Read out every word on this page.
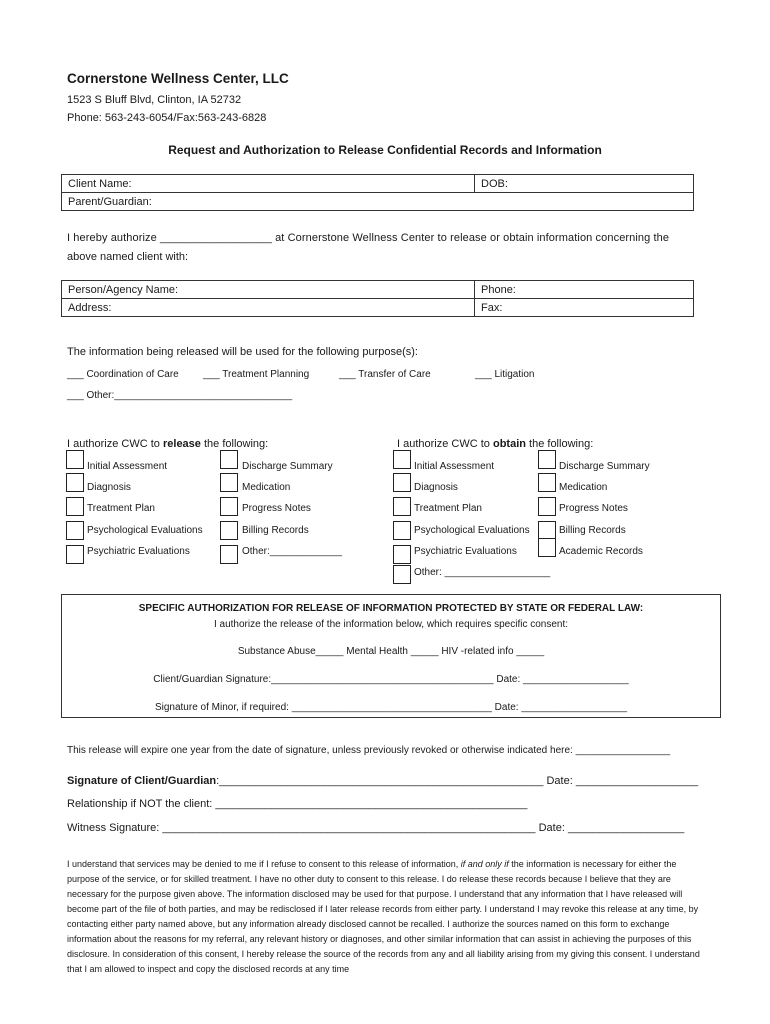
Cornerstone Wellness Center, LLC
1523 S Bluff Blvd, Clinton, IA 52732
Phone: 563-243-6054/Fax:563-243-6828
Request and Authorization to Release Confidential Records and Information
Client Name:	DOB:
Parent/Guardian:
I hereby authorize __________________ at Cornerstone Wellness Center to release or obtain information concerning the
above named client with:
Person/Agency Name:	Phone:
Address:	Fax:
The information being released will be used for the following purpose(s):
___ Coordination of Care ___ Treatment Planning	___ Transfer of Care	___ Litigation
___ Other:________________________________
I authorize CWC to release the following:	I authorize CWC to obtain the following:
Initial Assessment
Diagnosis
Treatment Plan
Psychological Evaluations
Psychiatric Evaluations
Discharge Summary
Medication
Progress Notes
Billing Records
Other:_____________
Initial Assessment
Diagnosis
Treatment Plan
Psychological Evaluations
Psychiatric Evaluations
Other: ___________________
Discharge Summary
Medication
Progress Notes
Billing Records
Academic Records
SPECIFIC AUTHORIZATION FOR RELEASE OF INFORMATION PROTECTED BY STATE OR FEDERAL LAW:
I authorize the release of the information below, which requires specific consent:
Substance Abuse_____ Mental Health _____ HIV -related info _____
Client/Guardian Signature:________________________________________ Date: ___________________
Signature of Minor, if required: ____________________________________ Date: ___________________
This release will expire one year from the date of signature, unless previously revoked or otherwise indicated here: _________________
Signature of Client/Guardian:_____________________________________________________ Date: ____________________
Relationship if NOT the client: ___________________________________________________
Witness Signature: _____________________________________________________________ Date: ___________________
I understand that services may be denied to me if I refuse to consent to this release of information, if and only if the information is necessary for either the purpose of the service, or for skilled treatment. I have no other duty to consent to this release. I do release these records because I believe that they are necessary for the purpose given above. The information disclosed may be used for that purpose. I understand that any information that I have released will become part of the file of both parties, and may be redisclosed if I later release records from either party. I understand I may revoke this release at any time, by contacting either party named above, but any information already disclosed cannot be recalled. I authorize the sources named on this form to exchange information about the reasons for my referral, any relevant history or diagnoses, and other similar information that can assist in achieving the purposes of this disclosure. In consideration of this consent, I hereby release the source of the records from any and all liability arising from my giving this consent. I understand that I am allowed to inspect and copy the disclosed records at any time
